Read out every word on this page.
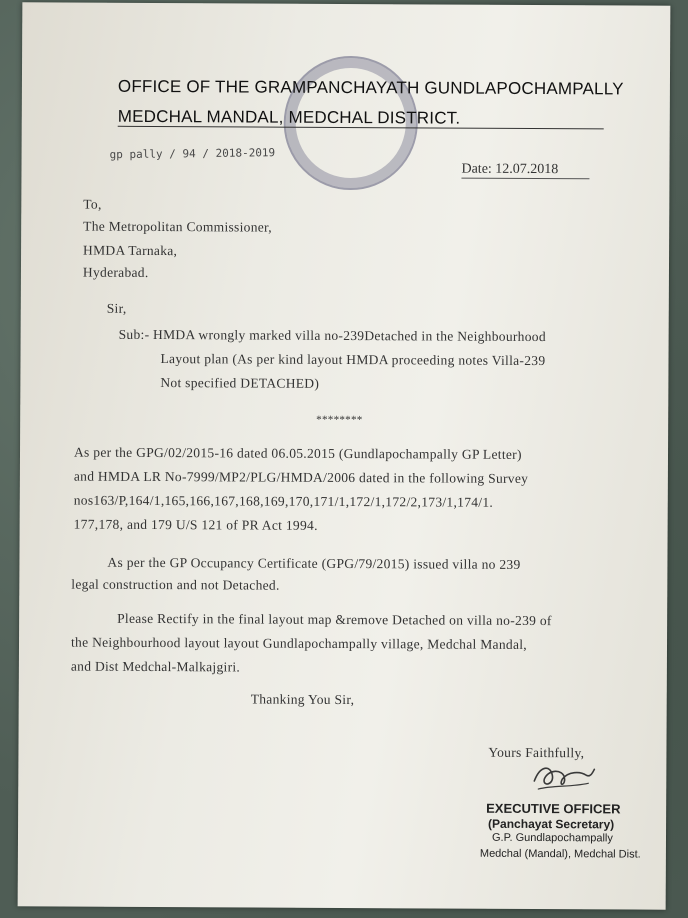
OFFICE OF THE GRAMPANCHAYATH GUNDLAPOCHAMPALLY
MEDCHAL MANDAL, MEDCHAL DISTRICT.
gp pally / 94 / 2018-2019
Date: 12.07.2018
To,
The Metropolitan Commissioner,
HMDA Tarnaka,
Hyderabad.
Sir,
Sub:- HMDA wrongly marked villa no-239Detached in the Neighbourhood
Layout plan (As per kind layout HMDA proceeding notes Villa-239
Not specified DETACHED)
********
As per the GPG/02/2015-16 dated 06.05.2015 (Gundlapochampally GP Letter)
and HMDA LR No-7999/MP2/PLG/HMDA/2006 dated in the following Survey
nos163/P,164/1,165,166,167,168,169,170,171/1,172/1,172/2,173/1,174/1.
177,178, and 179 U/S 121 of PR Act 1994.
As per the GP Occupancy Certificate (GPG/79/2015) issued villa no 239
legal construction and not Detached.
Please Rectify in the final layout map &remove Detached on villa no-239 of
the Neighbourhood layout layout Gundlapochampally village, Medchal Mandal,
and Dist Medchal-Malkajgiri.
Thanking You Sir,
Yours Faithfully,
EXECUTIVE OFFICER
(Panchayat Secretary)
G.P. Gundlapochampally
Medchal (Mandal), Medchal Dist.
